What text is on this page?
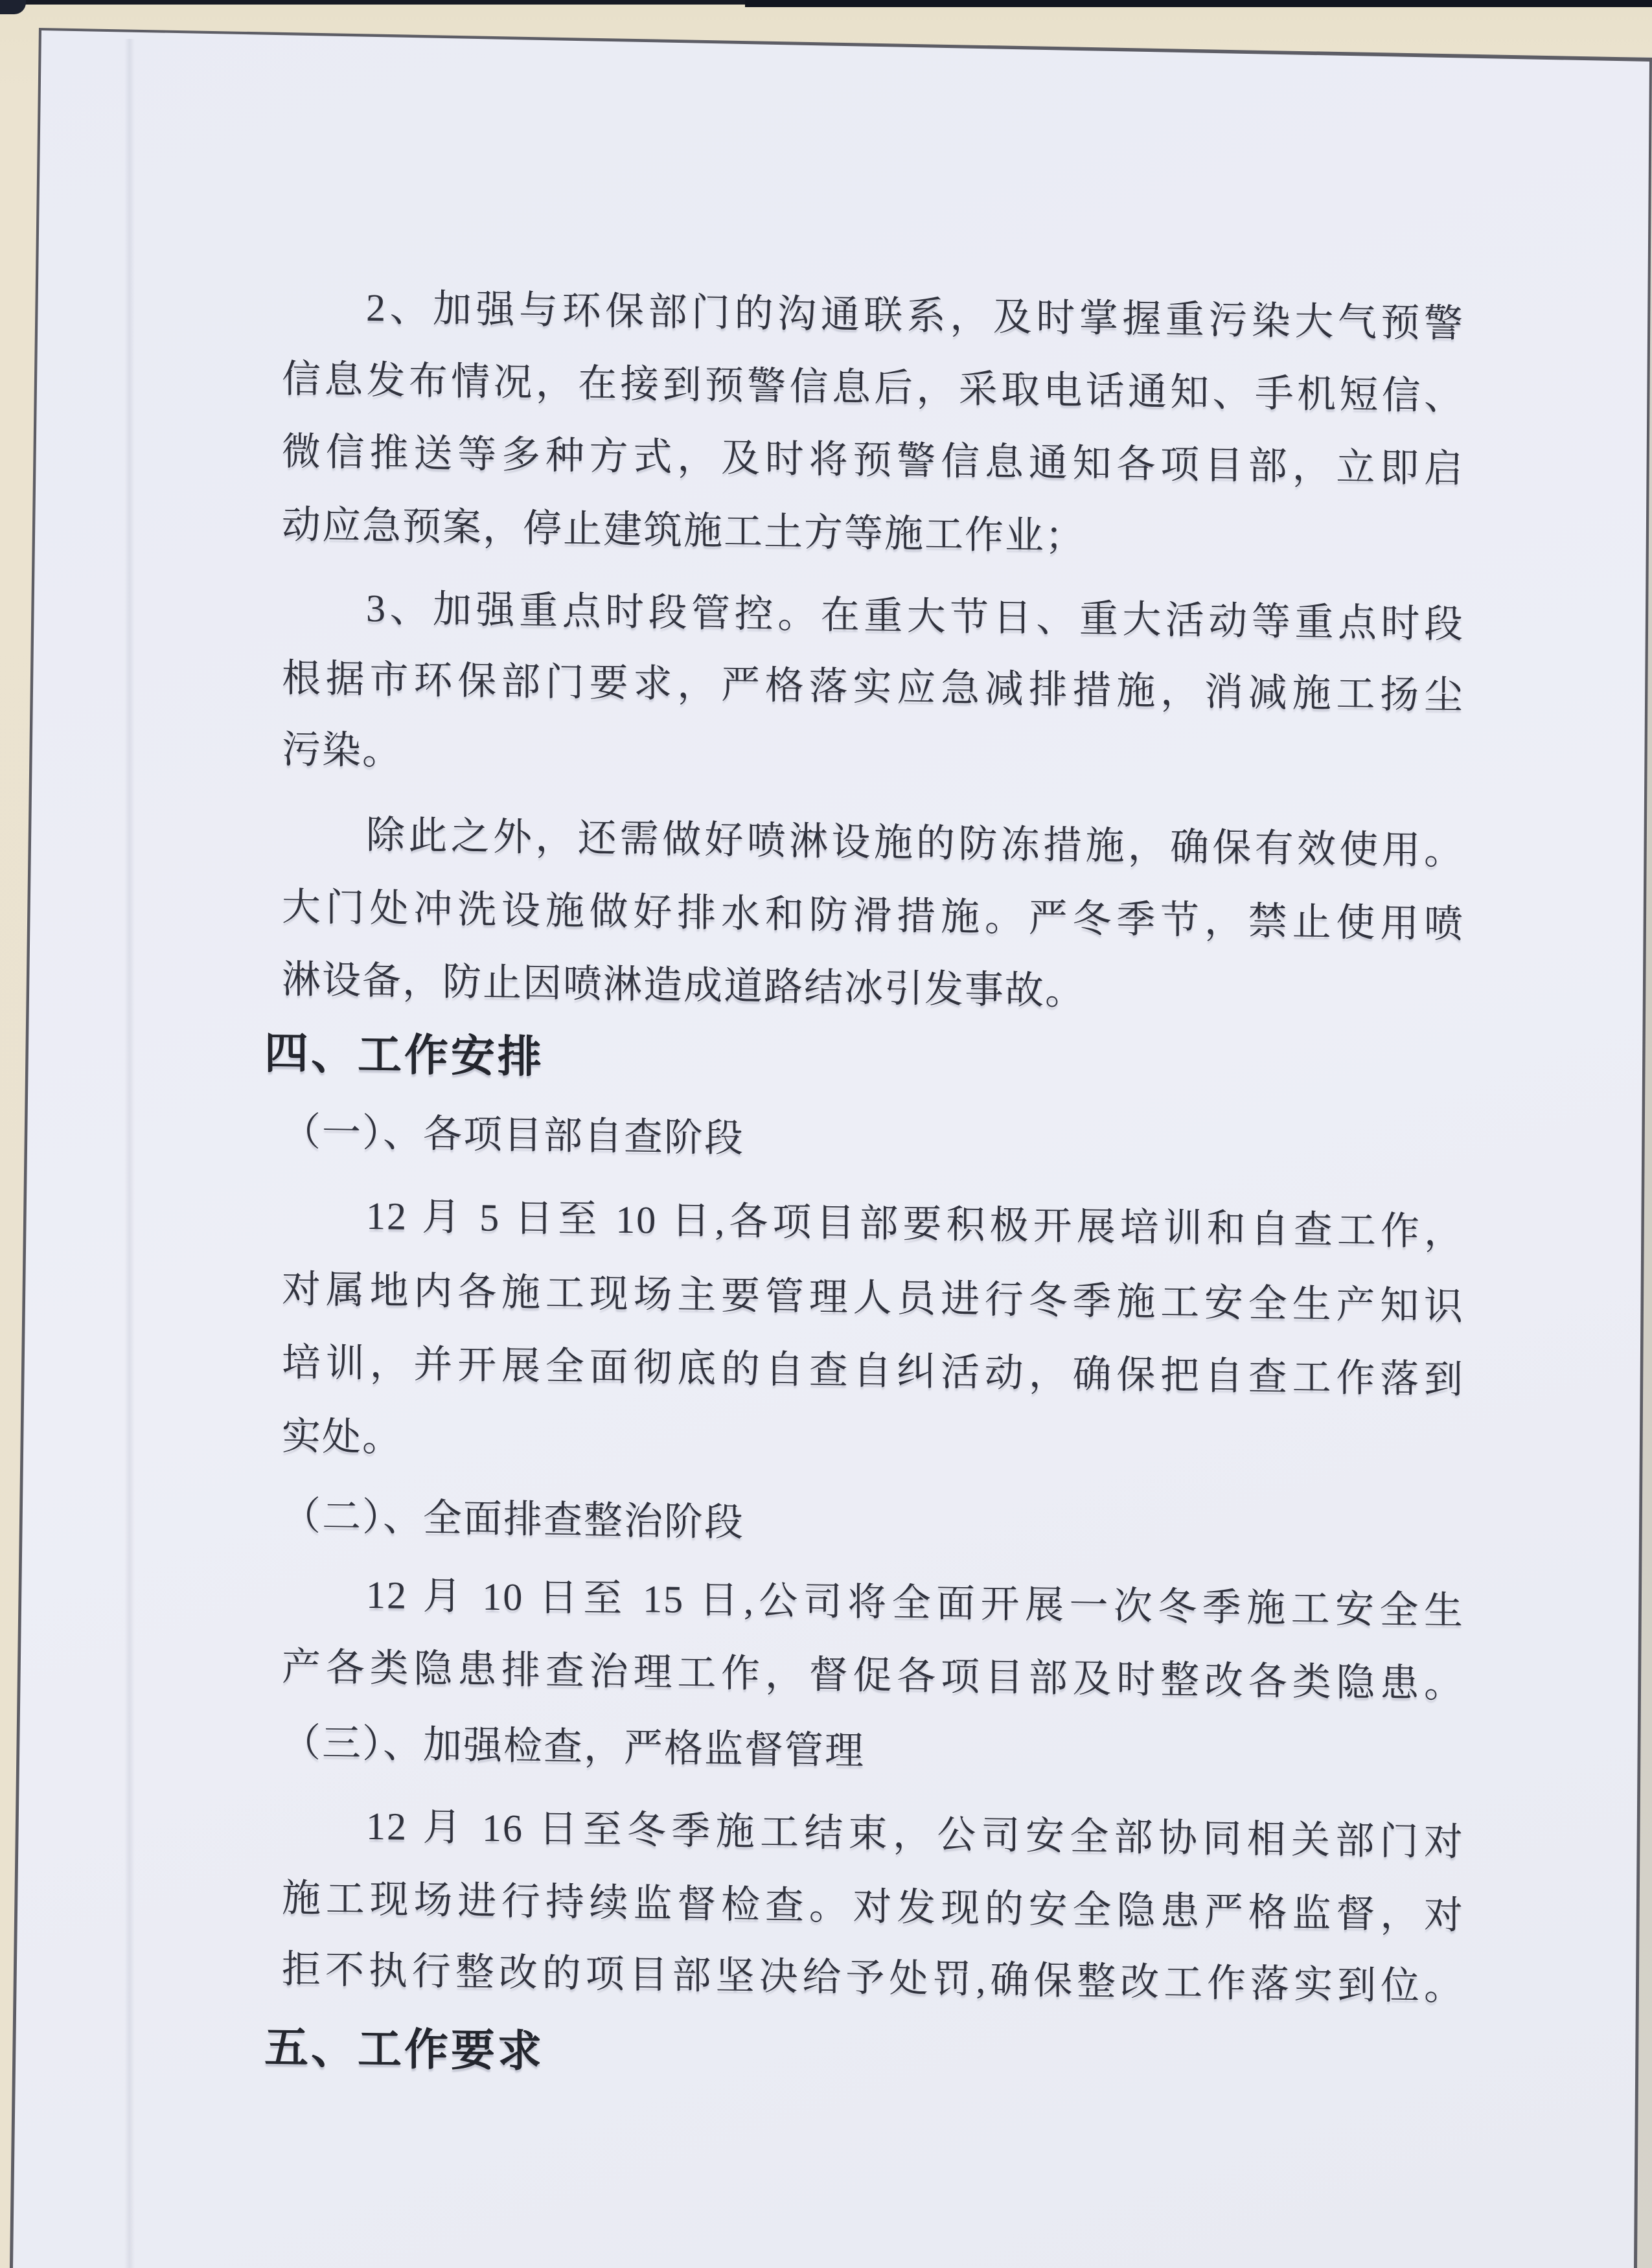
2、加强与环保部门的沟通联系，及时掌握重污染大气预警
信息发布情况，在接到预警信息后，采取电话通知、手机短信、
微信推送等多种方式，及时将预警信息通知各项目部，立即启
动应急预案，停止建筑施工土方等施工作业；
3、加强重点时段管控。在重大节日、重大活动等重点时段
根据市环保部门要求，严格落实应急减排措施，消减施工扬尘
污染。
除此之外，还需做好喷淋设施的防冻措施，确保有效使用。
大门处冲洗设施做好排水和防滑措施。严冬季节，禁止使用喷
淋设备，防止因喷淋造成道路结冰引发事故。
四、工作安排
（一）、各项目部自查阶段
12 月 5 日至 10 日,各项目部要积极开展培训和自查工作，
对属地内各施工现场主要管理人员进行冬季施工安全生产知识
培训，并开展全面彻底的自查自纠活动，确保把自查工作落到
实处。
（二）、全面排查整治阶段
12 月 10 日至 15 日,公司将全面开展一次冬季施工安全生
产各类隐患排查治理工作，督促各项目部及时整改各类隐患。
（三）、加强检查，严格监督管理
12 月 16 日至冬季施工结束，公司安全部协同相关部门对
施工现场进行持续监督检查。对发现的安全隐患严格监督，对
拒不执行整改的项目部坚决给予处罚,确保整改工作落实到位。
五、工作要求
